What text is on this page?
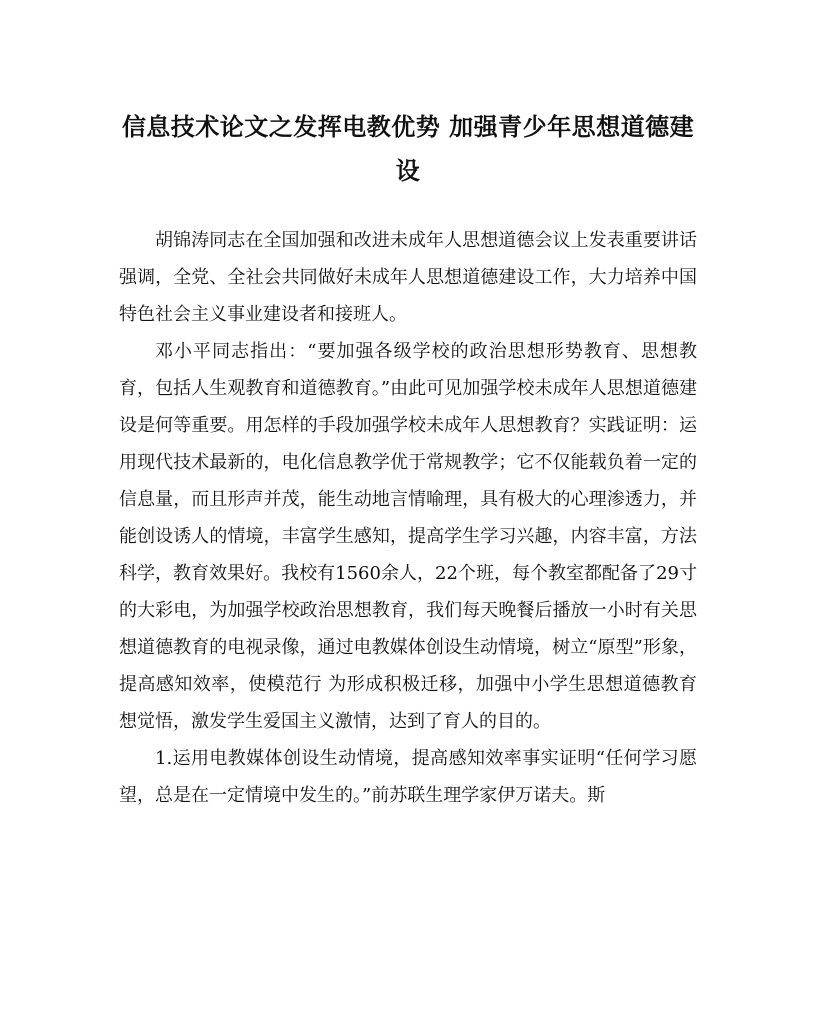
信息技术论文之发挥电教优势 加强青少年思想道德建设

胡锦涛同志在全国加强和改进未成年人思想道德会议上发表重要讲话强调，全党、全社会共同做好未成年人思想道德建设工作，大力培养中国特色社会主义事业建设者和接班人。

邓小平同志指出：“要加强各级学校的政治思想形势教育、思想教育，包括人生观教育和道德教育。”由此可见加强学校未成年人思想道德建设是何等重要。用怎样的手段加强学校未成年人思想教育？实践证明：运用现代技术最新的，电化信息教学优于常规教学；它不仅能载负着一定的信息量，而且形声并茂，能生动地言情喻理，具有极大的心理渗透力，并能创设诱人的情境，丰富学生感知，提高学生学习兴趣，内容丰富，方法科学，教育效果好。我校有1560余人，22个班，每个教室都配备了29寸的大彩电，为加强学校政治思想教育，我们每天晚餐后播放一小时有关思想道德教育的电视录像，通过电教媒体创设生动情境，树立“原型”形象，提高感知效率，使模范行 为形成积极迁移，加强中小学生思想道德教育想觉悟，激发学生爱国主义激情，达到了育人的目的。

1.运用电教媒体创设生动情境，提高感知效率事实证明“任何学习愿望，总是在一定情境中发生的。”前苏联生理学家伊万诺夫。斯
